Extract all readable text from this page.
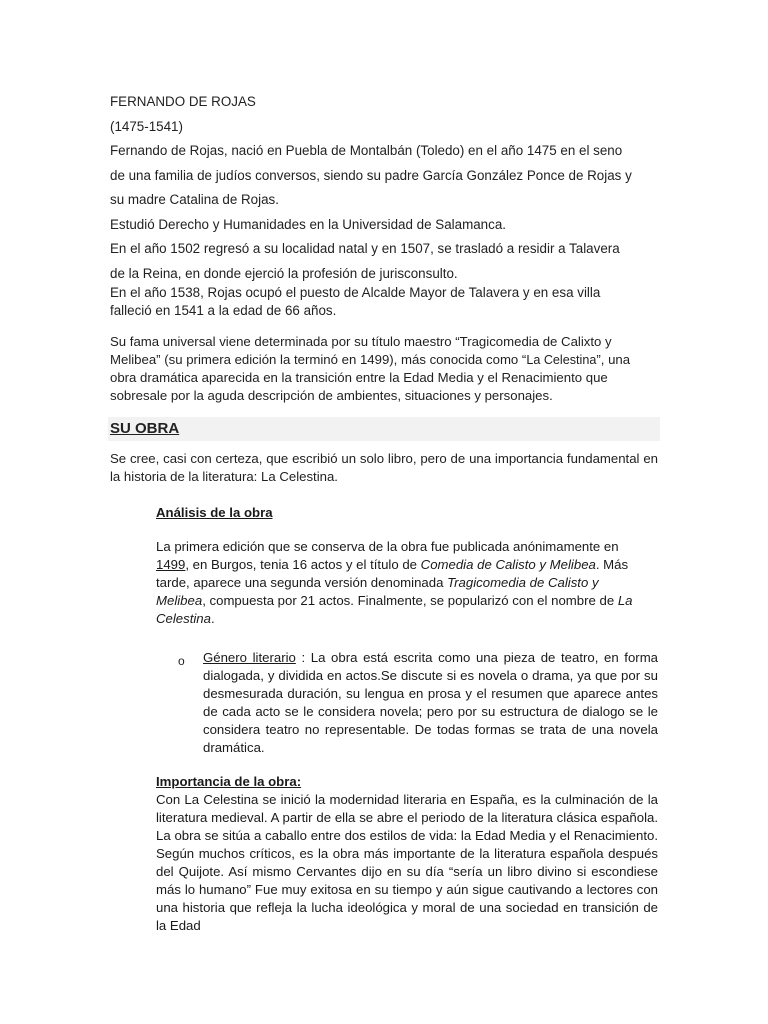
FERNANDO DE ROJAS
(1475-1541)
Fernando de Rojas, nació en Puebla de Montalbán (Toledo) en el año 1475 en el seno
de una familia de judíos conversos, siendo su padre García González Ponce de Rojas y
su madre Catalina de Rojas.
Estudió Derecho y Humanidades en la Universidad de Salamanca.
En el año 1502 regresó a su localidad natal y en 1507, se trasladó a residir a Talavera
de la Reina, en donde ejerció la profesión de jurisconsulto.
En el año 1538, Rojas ocupó el puesto de Alcalde Mayor de Talavera y en esa villa
falleció en 1541 a la edad de 66 años.
Su fama universal viene determinada por su título maestro “Tragicomedia de Calixto y Melibea” (su primera edición la terminó en 1499), más conocida como “La Celestina”, una obra dramática aparecida en la transición entre la Edad Media y el Renacimiento que sobresale por la aguda descripción de ambientes, situaciones y personajes.
SU OBRA
Se cree, casi con certeza, que escribió un solo libro, pero de una importancia fundamental en la historia de la literatura: La Celestina.
Análisis de la obra
La primera edición que se conserva de la obra fue publicada anónimamente en 1499, en Burgos, tenia 16 actos y el título de Comedia de Calisto y Melibea. Más tarde, aparece una segunda versión denominada Tragicomedia de Calisto y Melibea, compuesta por 21 actos. Finalmente, se popularizó con el nombre de La Celestina.
o Género literario : La obra está escrita como una pieza de teatro, en forma dialogada, y dividida en actos.Se discute si es novela o drama, ya que por su desmesurada duración, su lengua en prosa y el resumen que aparece antes de cada acto se le considera novela; pero por su estructura de dialogo se le considera teatro no representable. De todas formas se trata de una novela dramática.
Importancia de la obra:
Con La Celestina se inició la modernidad literaria en España, es la culminación de la literatura medieval. A partir de ella se abre el periodo de la literatura clásica española. La obra se sitúa a caballo entre dos estilos de vida: la Edad Media y el Renacimiento. Según muchos críticos, es la obra más importante de la literatura española después del Quijote. Así mismo Cervantes dijo en su día “sería un libro divino si escondiese más lo humano” Fue muy exitosa en su tiempo y aún sigue cautivando a lectores con una historia que refleja la lucha ideológica y moral de una sociedad en transición de la Edad
